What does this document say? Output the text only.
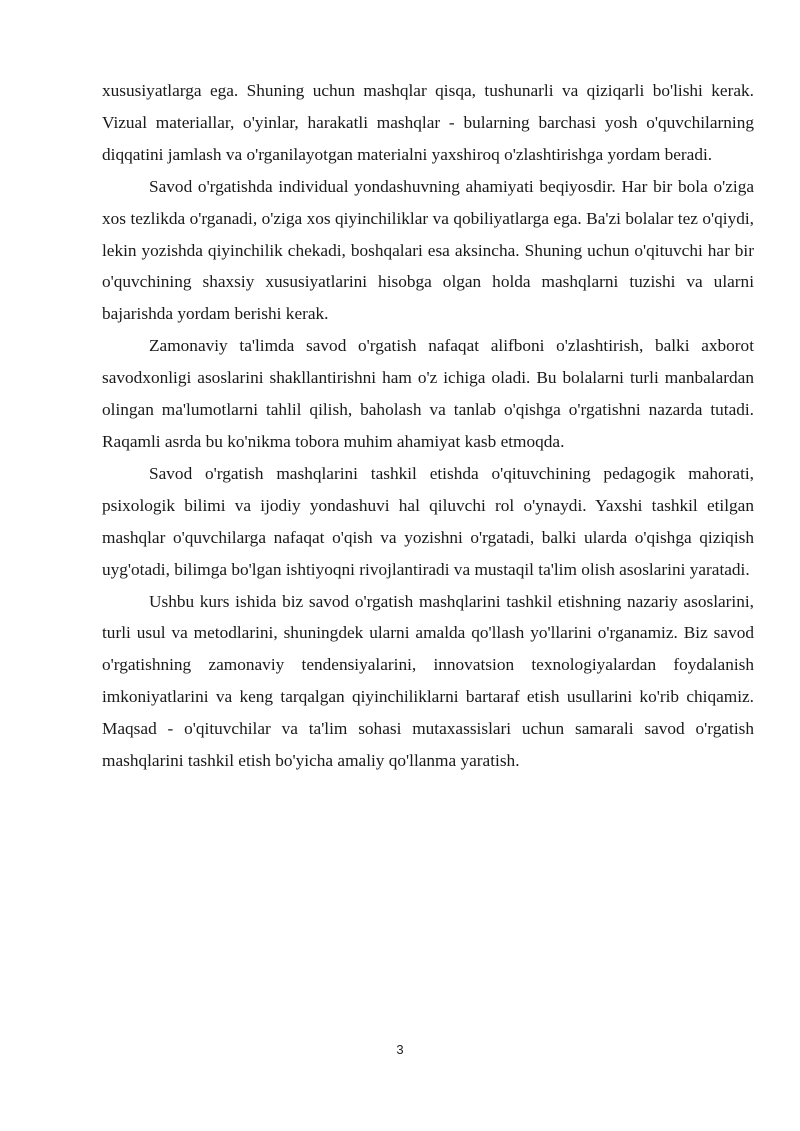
xususiyatlarga ega. Shuning uchun mashqlar qisqa, tushunarli va qiziqarli bo'lishi kerak. Vizual materiallar, o'yinlar, harakatli mashqlar - bularning barchasi yosh o'quvchilarning diqqatini jamlash va o'rganilayotgan materialni yaxshiroq o'zlashtirishga yordam beradi.

Savod o'rgatishda individual yondashuvning ahamiyati beqiyosdir. Har bir bola o'ziga xos tezlikda o'rganadi, o'ziga xos qiyinchiliklar va qobiliyatlarga ega. Ba'zi bolalar tez o'qiydi, lekin yozishda qiyinchilik chekadi, boshqalari esa aksincha. Shuning uchun o'qituvchi har bir o'quvchining shaxsiy xususiyatlarini hisobga olgan holda mashqlarni tuzishi va ularni bajarishda yordam berishi kerak.

Zamonaviy ta'limda savod o'rgatish nafaqat alifboni o'zlashtirish, balki axborot savodxonligi asoslarini shakllantirishni ham o'z ichiga oladi. Bu bolalarni turli manbalardan olingan ma'lumotlarni tahlil qilish, baholash va tanlab o'qishga o'rgatishni nazarda tutadi. Raqamli asrda bu ko'nikma tobora muhim ahamiyat kasb etmoqda.

Savod o'rgatish mashqlarini tashkil etishda o'qituvchining pedagogik mahorati, psixologik bilimi va ijodiy yondashuvi hal qiluvchi rol o'ynaydi. Yaxshi tashkil etilgan mashqlar o'quvchilarga nafaqat o'qish va yozishni o'rgatadi, balki ularda o'qishga qiziqish uyg'otadi, bilimga bo'lgan ishtiyoqni rivojlantiradi va mustaqil ta'lim olish asoslarini yaratadi.

Ushbu kurs ishida biz savod o'rgatish mashqlarini tashkil etishning nazariy asoslarini, turli usul va metodlarini, shuningdek ularni amalda qo'llash yo'llarini o'rganamiz. Biz savod o'rgatishning zamonaviy tendensiyalarini, innovatsion texnologiyalardan foydalanish imkoniyatlarini va keng tarqalgan qiyinchiliklarni bartaraf etish usullarini ko'rib chiqamiz. Maqsad - o'qituvchilar va ta'lim sohasi mutaxassislari uchun samarali savod o'rgatish mashqlarini tashkil etish bo'yicha amaliy qo'llanma yaratish.

3
